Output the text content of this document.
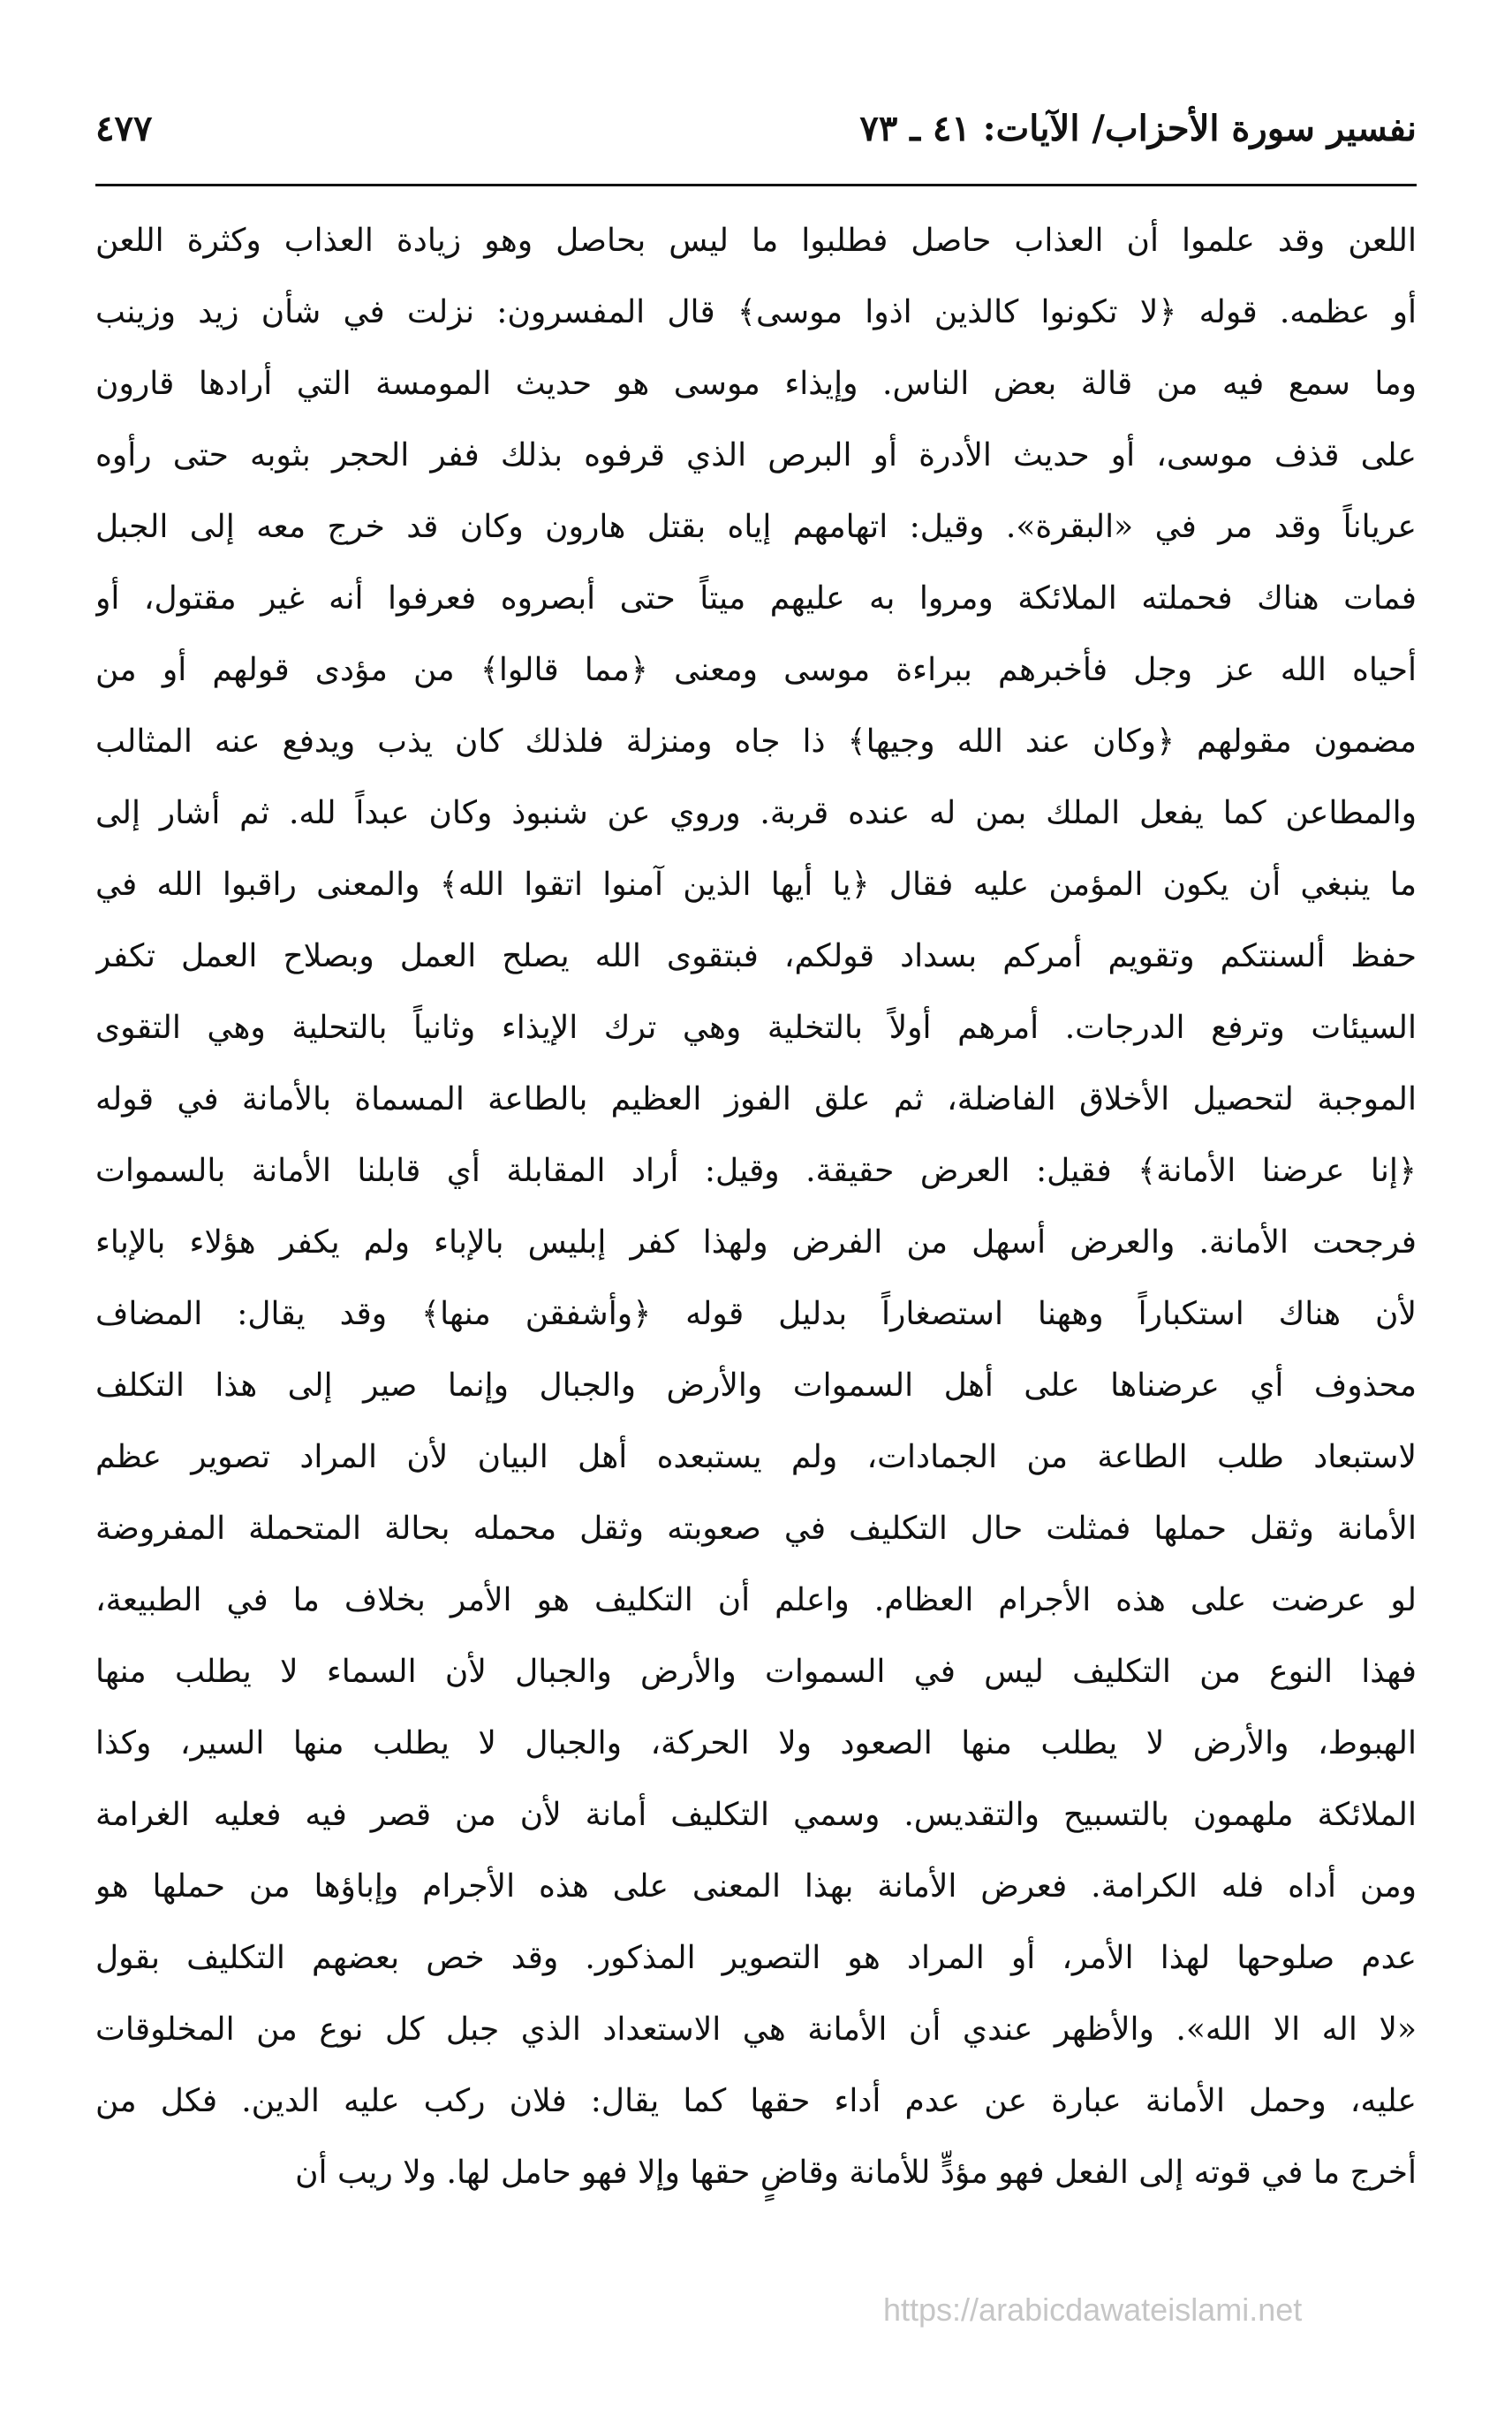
نفسير سورة الأحزاب/ الآيات: ٤١ ـ ٧٣
٤٧٧
اللعن وقد علموا أن العذاب حاصل فطلبوا ما ليس بحاصل وهو زيادة العذاب وكثرة اللعن
أو عظمه. قوله ﴿لا تكونوا كالذين اذوا موسى﴾ قال المفسرون: نزلت في شأن زيد وزينب
وما سمع فيه من قالة بعض الناس. وإيذاء موسى هو حديث المومسة التي أرادها قارون
على قذف موسى، أو حديث الأدرة أو البرص الذي قرفوه بذلك ففر الحجر بثوبه حتى رأوه
عرياناً وقد مر في «البقرة». وقيل: اتهامهم إياه بقتل هارون وكان قد خرج معه إلى الجبل
فمات هناك فحملته الملائكة ومروا به عليهم ميتاً حتى أبصروه فعرفوا أنه غير مقتول، أو
أحياه الله عز وجل فأخبرهم ببراءة موسى ومعنى ﴿مما قالوا﴾ من مؤدى قولهم أو من
مضمون مقولهم ﴿وكان عند الله وجيها﴾ ذا جاه ومنزلة فلذلك كان يذب ويدفع عنه المثالب
والمطاعن كما يفعل الملك بمن له عنده قربة. وروي عن شنبوذ وكان عبداً لله. ثم أشار إلى
ما ينبغي أن يكون المؤمن عليه فقال ﴿يا أيها الذين آمنوا اتقوا الله﴾ والمعنى راقبوا الله في
حفظ ألسنتكم وتقويم أمركم بسداد قولكم، فبتقوى الله يصلح العمل وبصلاح العمل تكفر
السيئات وترفع الدرجات. أمرهم أولاً بالتخلية وهي ترك الإيذاء وثانياً بالتحلية وهي التقوى
الموجبة لتحصيل الأخلاق الفاضلة، ثم علق الفوز العظيم بالطاعة المسماة بالأمانة في قوله
﴿إنا عرضنا الأمانة﴾ فقيل: العرض حقيقة. وقيل: أراد المقابلة أي قابلنا الأمانة بالسموات
فرجحت الأمانة. والعرض أسهل من الفرض ولهذا كفر إبليس بالإباء ولم يكفر هؤلاء بالإباء
لأن هناك استكباراً وههنا استصغاراً بدليل قوله ﴿وأشفقن منها﴾ وقد يقال: المضاف
محذوف أي عرضناها على أهل السموات والأرض والجبال وإنما صير إلى هذا التكلف
لاستبعاد طلب الطاعة من الجمادات، ولم يستبعده أهل البيان لأن المراد تصوير عظم
الأمانة وثقل حملها فمثلت حال التكليف في صعوبته وثقل محمله بحالة المتحملة المفروضة
لو عرضت على هذه الأجرام العظام. واعلم أن التكليف هو الأمر بخلاف ما في الطبيعة،
فهذا النوع من التكليف ليس في السموات والأرض والجبال لأن السماء لا يطلب منها
الهبوط، والأرض لا يطلب منها الصعود ولا الحركة، والجبال لا يطلب منها السير، وكذا
الملائكة ملهمون بالتسبيح والتقديس. وسمي التكليف أمانة لأن من قصر فيه فعليه الغرامة
ومن أداه فله الكرامة. فعرض الأمانة بهذا المعنى على هذه الأجرام وإباؤها من حملها هو
عدم صلوحها لهذا الأمر، أو المراد هو التصوير المذكور. وقد خص بعضهم التكليف بقول
«لا اله الا الله». والأظهر عندي أن الأمانة هي الاستعداد الذي جبل كل نوع من المخلوقات
عليه، وحمل الأمانة عبارة عن عدم أداء حقها كما يقال: فلان ركب عليه الدين. فكل من
أخرج ما في قوته إلى الفعل فهو مؤدٍّ للأمانة وقاضٍ حقها وإلا فهو حامل لها. ولا ريب أن
https://arabicdawateislami.net
